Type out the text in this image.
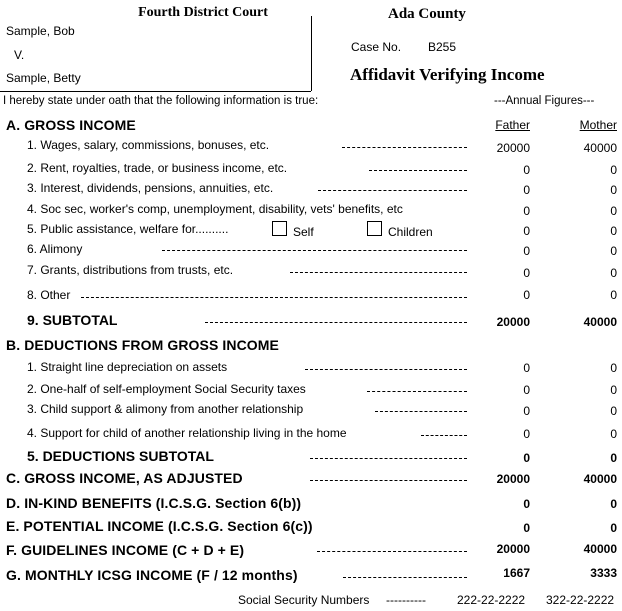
Fourth District Court	Ada County
Sample, Bob
V.
Sample, Betty
Case No. B255
Affidavit Verifying Income
I hereby state under oath that the following information is true:	---Annual Figures---
Father	Mother
A. GROSS INCOME
1. Wages, salary, commissions, bonuses, etc.	20000	40000
2. Rent, royalties, trade, or business income, etc.	0	0
3. Interest, dividends, pensions, annuities, etc.	0	0
4. Soc sec, worker's comp, unemployment, disability, vets' benefits, etc	0	0
5. Public assistance, welfare for..........	Self	Children	0	0
6. Alimony	0	0
7. Grants, distributions from trusts, etc.	0	0
8. Other	0	0
9. SUBTOTAL	20000	40000
B. DEDUCTIONS FROM GROSS INCOME
1. Straight line depreciation on assets	0	0
2. One-half of self-employment Social Security taxes	0	0
3. Child support & alimony from another relationship	0	0
4. Support for child of another relationship living in the home	0	0
5. DEDUCTIONS SUBTOTAL	0	0
C. GROSS INCOME, AS ADJUSTED	20000	40000
D. IN-KIND BENEFITS (I.C.S.G. Section 6(b))	0	0
E. POTENTIAL INCOME (I.C.S.G. Section 6(c))	0	0
F. GUIDELINES INCOME (C + D + E)	20000	40000
G. MONTHLY ICSG INCOME (F / 12 months)	1667	3333
Social Security Numbers ----------	222-22-2222 322-22-2222
